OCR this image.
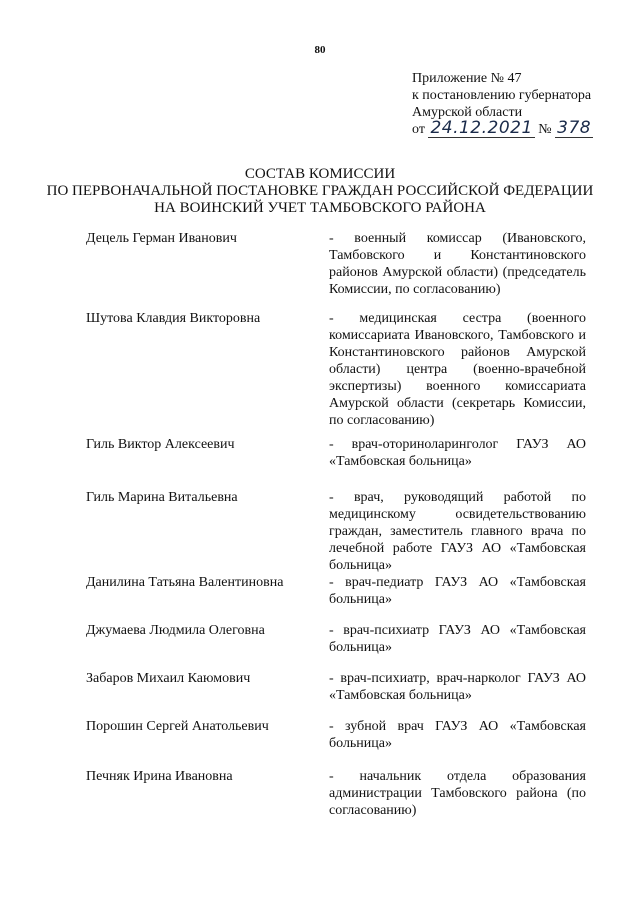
80
Приложение № 47
к постановлению губернатора
Амурской области
от 24.12.2021 № 378
СОСТАВ КОМИССИИ
ПО ПЕРВОНАЧАЛЬНОЙ ПОСТАНОВКЕ ГРАЖДАН РОССИЙСКОЙ ФЕДЕРАЦИИ
НА ВОИНСКИЙ УЧЕТ ТАМБОВСКОГО РАЙОНА
Децель Герман Иванович	- военный комиссар (Ивановского, Тамбовского и Константиновского районов Амурской области) (председатель Комиссии, по согласованию)
Шутова Клавдия Викторовна	- медицинская сестра (военного комиссариата Ивановского, Тамбовского и Константиновского районов Амурской области) центра (военно-врачебной экспертизы) военного комиссариата Амурской области (секретарь Комиссии, по согласованию)
Гиль Виктор Алексеевич	- врач-оториноларинголог ГАУЗ АО «Тамбовская больница»
Гиль Марина Витальевна	- врач, руководящий работой по медицинскому освидетельствованию граждан, заместитель главного врача по лечебной работе ГАУЗ АО «Тамбовская больница»
Данилина Татьяна Валентиновна	- врач-педиатр ГАУЗ АО «Тамбовская больница»
Джумаева Людмила Олеговна	- врач-психиатр ГАУЗ АО «Тамбовская больница»
Забаров Михаил Каюмович	- врач-психиатр, врач-нарколог ГАУЗ АО «Тамбовская больница»
Порошин Сергей Анатольевич	- зубной врач ГАУЗ АО «Тамбовская больница»
Печняк Ирина Ивановна	- начальник отдела образования администрации Тамбовского района (по согласованию)
